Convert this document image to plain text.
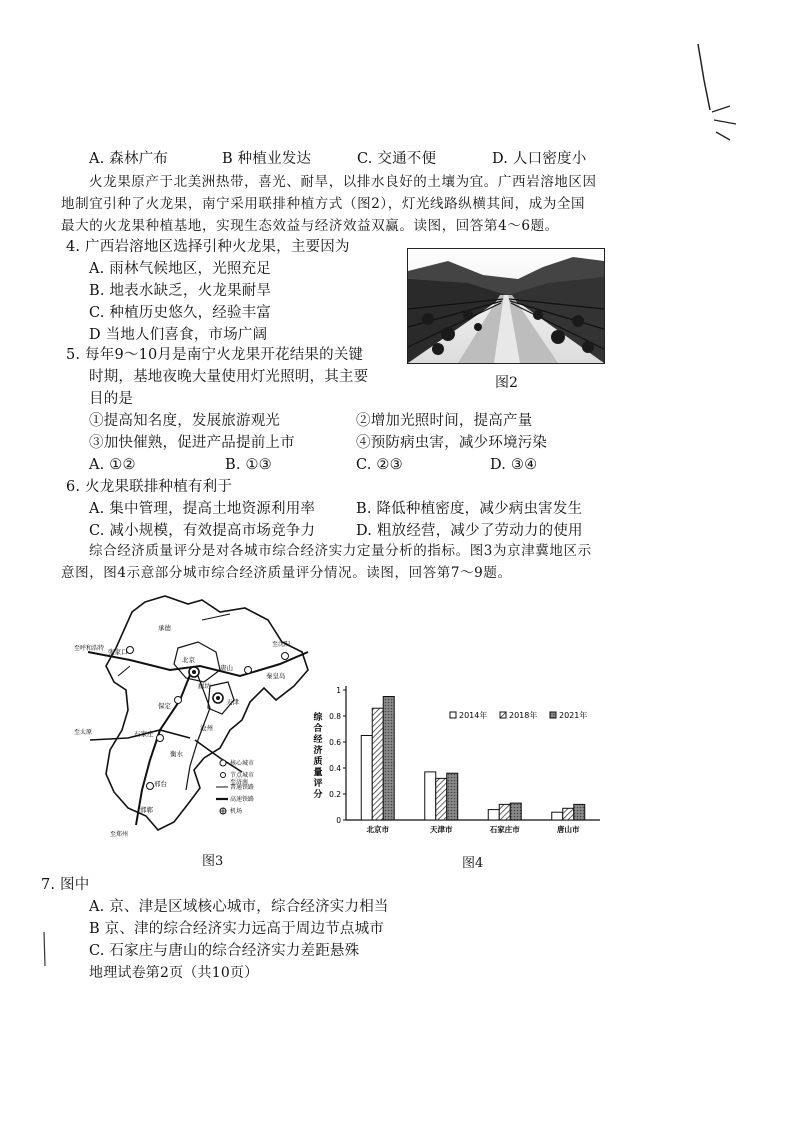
A. 森林广布	B 种植业发达	C. 交通不便	D. 人口密度小
火龙果原产于北美洲热带，喜光、耐旱，以排水良好的土壤为宜。广西岩溶地区因
地制宜引种了火龙果，南宁采用联排种植方式（图2），灯光线路纵横其间，成为全国
最大的火龙果种植基地，实现生态效益与经济效益双赢。读图，回答第4～6题。
4. 广西岩溶地区选择引种火龙果，主要因为
A. 雨林气候地区，光照充足
B. 地表水缺乏，火龙果耐旱
C. 种植历史悠久，经验丰富
D 当地人们喜食，市场广阔
图2
5. 每年9～10月是南宁火龙果开花结果的关键
时期，基地夜晚大量使用灯光照明，其主要
目的是
①提高知名度，发展旅游观光	②增加光照时间，提高产量
③加快催熟，促进产品提前上市	④预防病虫害，减少环境污染
A. ①②	B. ①③	C. ②③	D. ③④
6. 火龙果联排种植有利于
A. 集中管理，提高土地资源利用率	B. 降低种植密度，减少病虫害发生
C. 减小规模，有效提高市场竞争力	D. 粗放经营，减少了劳动力的使用
综合经济质量评分是对各城市综合经济实力定量分析的指标。图3为京津冀地区示
意图，图4示意部分城市综合经济质量评分情况。读图，回答第7～9题。
承德
秦皇岛
唐山
天津
北京
廊坊
张家口
保定
石家庄
沧州
衡水
邢台
邯郸
至呼和浩特
至沈阳
至太原
至郑州
至济南
核心城市
节点城市
普通铁路
高速铁路
机场
图3
综
合
经
济
质
量
评
分
0
0.2
0.4
0.6
0.8
1
北京市	天津市	石家庄市	唐山市
2014年	2018年	2021年
图4
7. 图中
A. 京、津是区域核心城市，综合经济实力相当
B 京、津的综合经济实力远高于周边节点城市
C. 石家庄与唐山的综合经济实力差距悬殊
地理试卷第2页（共10页）
